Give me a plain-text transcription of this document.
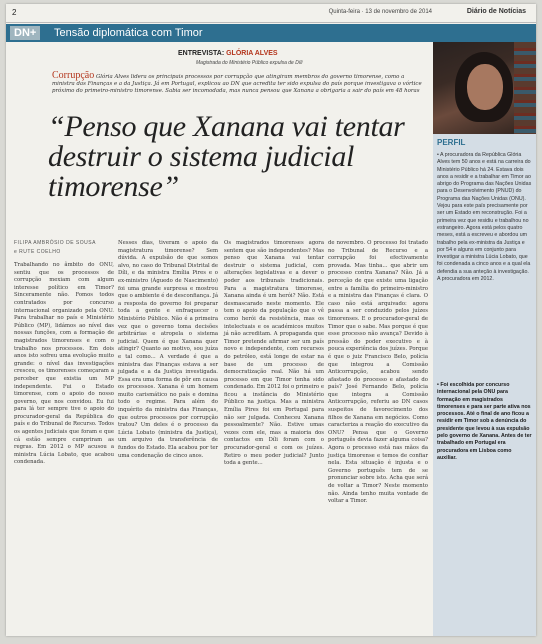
2	Quinta-feira · 13 de novembro de 2014	Diário de Notícias
DN+	Tensão diplomática com Timor
ENTREVISTA: GLÓRIA ALVES
Magistrada do Ministério Público expulsa de Díli
Corrupção Glória Alves lidera os principais processos por corrupção que atingiram membros do governo timorense, como a ministra das Finanças e a da Justiça. Já em Portugal, explicou ao DN que acredita ter sido expulsa do país porque investigava o vórtice próximo do primeiro-ministro timorense. Sabia ser incomodada, mas nunca pensou que Xanana a obrigaria a sair do país em 48 horas
“Penso que Xanana vai tentar destruir o sistema judicial timorense”
PERFIL
• A procuradora da República Glória Alves tem 50 anos e está na carreira do Ministério Público há 24. Estava dois anos a residir e a trabalhar em Timor ao abrigo do Programa das Nações Unidas para o Desenvolvimento (PNUD) do Programa das Nações Unidas (ONU). Vejou para este país precisamente por ser um Estado em reconstrução. Foi a primeira vez que residiu e trabalhou no estrangeiro. Agora está pelos quatro meses, está a escreveu e abordou um trabalho pela ex-ministra da Justiça e por 54 e alguns em conjunto para investigar a ministra Lúcia Lobato, que foi condenada a cinco anos e a qual ela defendia a sua anteção à investigação. A procuradora em 2012.
• Foi escolhida por concurso internacional pela ONU para formação em magistrados timorenses e para ser parte ativa nos processos. Até o final de ano ficou a residir em Timor sob a denúncia do presidente que levou à sua expulsão pelo governo de Xanana. Antes de ter trabalhado em Portugal era procuradora em Lisboa como auxiliar.
FILIPA AMBRÓSIO DE SOUSA
e RUTE COELHO
Trabalhando no âmbito do ONU, sentiu que os processos de corrupção mexiam com algum interesse político em Timor? Sinceramente não. Fomos todos contratados por concurso internacional organizado pela ONU. Para trabalhar no país e Ministério Público (MP), lidámos ao nível das nossas funções, com a formação de magistrados timorenses e com o trabalho nos processos. Em dois anos isto sofreu uma evolução muito grande: o nível das investigações cresceu, os timorenses começaram a perceber que existia um MP independente. Fui o Estado timorense, com o apoio do nosso governo, que nos convidou. Eu fui para lá ter sempre tive o apoio do procurador-geral da República do país e do Tribunal de Recurso. Todos os agentes judiciais que foram e que cá estão sempre cumpriram as regras. Em 2012 o MP acusou a ministra Lúcia Lobato, que acabou condenada.
Nesses dias, tiveram o apoio da magistratura timorense? Sem dúvida. A expulsão de que somos alvo, no caso do Tribunal Distrital de Díli, e da ministra Emília Pires e o ex-ministro (Águedo de Nascimento) foi uma grande surpresa e mostrou que o ambiente é de desconfiança. Já a resposta do governo foi preparar toda a gente e enfraquecer o Ministério Público. Não é a primeira vez que o governo toma decisões arbitrárias e atropela o sistema judicial. Quem é que Xanana quer atingir? Quanto ao motivo, sou juíza e tal como... A verdade é que a ministra das Finanças estava a ser julgada e a da Justiça investigada. Essa era uma forma de pôr em causa os processos. Xanana é um homem muito carismático no país e domina todo o regime. Para além do inquérito da ministra das Finanças, que outros processos por corrupção tratou? Um deles é o processo da Lúcia Lobato (ministra da Justiça), um arquivo da transferência de fundos do Estado. Ela acabou por ter uma condenação de cinco anos.
Os magistrados timorenses agora sentem que são independentes? Mas penso que Xanana vai tentar destruir o sistema judicial, com alterações legislativas e a dever o poder aos tribunais tradicionais. Para a magistratura timorense, Xanana ainda é um herói? Não. Está desmascarado neste momento. Ele tem o apoio da população que o vê como herói da resistência, mas os intelectuais e os académicos muitos já não acreditam. A propaganda que Timor pretende afirmar ser um país novo e independente, com recursos do petróleo, está longe de estar na base de um processo de democratização real. Não há um processo em que Timor tenha sido condenado. Em 2012 foi o primeiro e ficou a instância do Ministério Público na justiça. Mas a ministra Emília Pires foi em Portugal para não ser julgada. Conheceu Xanana pessoalmente? Não. Estive umas vezes com ele, mas a maioria dos contactos em Díli foram com o procurador-geral e com os juízes. Retiro o meu poder judicial? Junto toda a gente...
de novembro. O processo foi tratado no Tribunal de Recurso e a corrupção foi efectivamente provada. Mas tinha... que abrir um processo contra Xanana? Não. Já a perceção de que existe uma ligação entre a família do primeiro-ministro e a ministra das Finanças é clara. O caso não está arquivado: agora passa a ser conduzido pelos juízes timorenses. E o procurador-geral de Timor que o sabe. Mas porque é que esse processo não avança? Devido à pressão do poder executivo e à pouca experiência dos juízes. Porque é que o juiz Francisco Belo, polícia que integrou a Comissão Anticorrupção, acabou sendo afastado do processo e afastado do país? José Fernando Belo, polícia que integra a Comissão Anticorrupção, referiu ao DN casos suspeitos de favorecimento dos filhos de Xanana em negócios. Como caracteriza a reação do executivo da ONU? Pensa que o Governo português devia fazer alguma coisa? Agora o processo está nas mãos da justiça timorense e temos de confiar nela. Esta situação é injusta e o Governo português tem de se pronunciar sobre isto. Acha que será de voltar a Timor? Neste momento não. Ainda tenho muita vontade de voltar a Timor.
